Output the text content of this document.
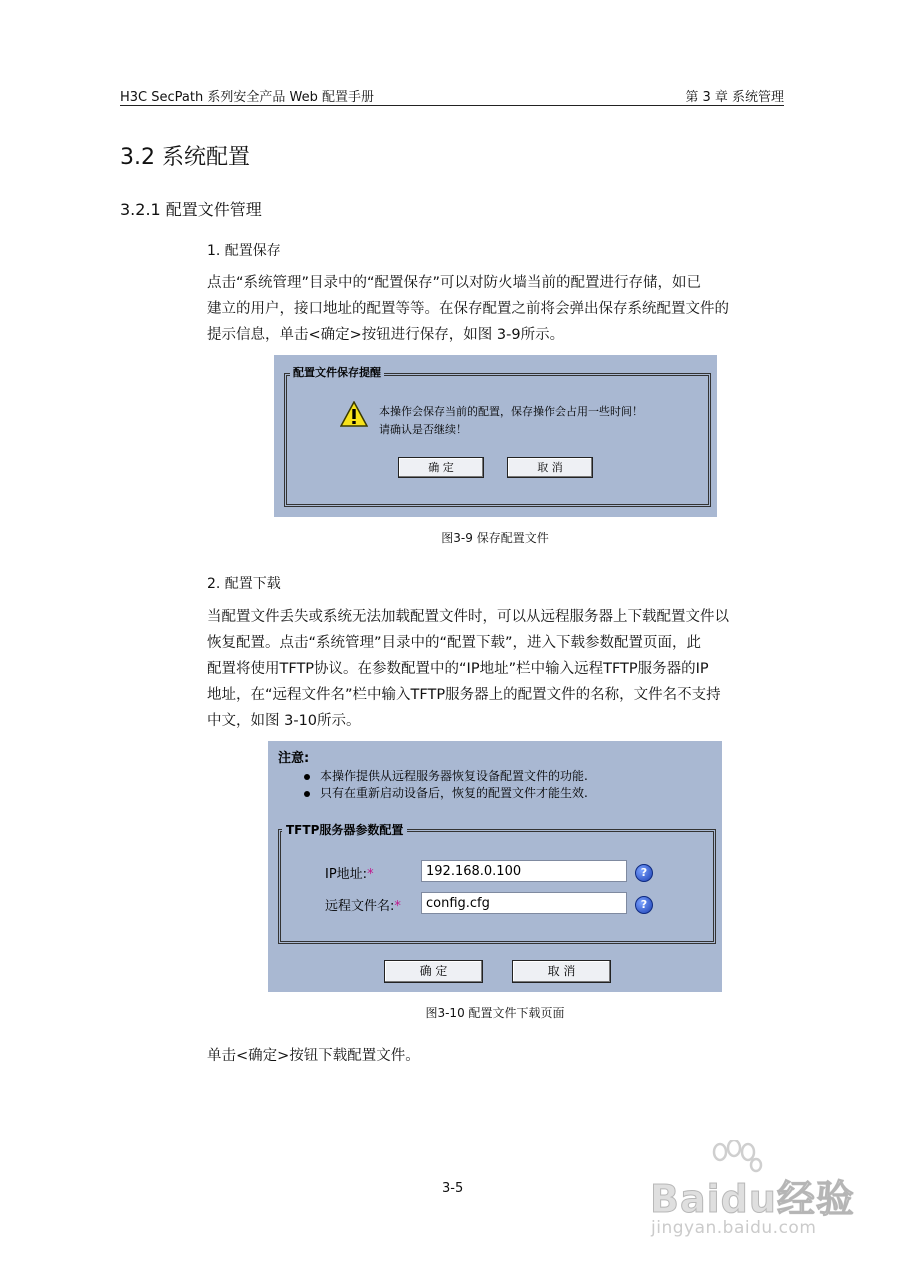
H3C SecPath 系列安全产品 Web 配置手册	第 3 章 系统管理
3.2 系统配置
3.2.1 配置文件管理
1. 配置保存
点击“系统管理”目录中的“配置保存”可以对防火墙当前的配置进行存储，如已
建立的用户，接口地址的配置等等。在保存配置之前将会弹出保存系统配置文件的
提示信息，单击<确定>按钮进行保存，如图 3-9所示。
配置文件保存提醒
本操作会保存当前的配置，保存操作会占用一些时间！
请确认是否继续！
确 定	取 消
图3-9 保存配置文件
2. 配置下载
当配置文件丢失或系统无法加载配置文件时，可以从远程服务器上下载配置文件以
恢复配置。点击“系统管理”目录中的“配置下载”，进入下载参数配置页面，此
配置将使用TFTP协议。在参数配置中的“IP地址”栏中输入远程TFTP服务器的IP
地址，在“远程文件名”栏中输入TFTP服务器上的配置文件的名称，文件名不支持
中文，如图 3-10所示。
注意:
本操作提供从远程服务器恢复设备配置文件的功能.
只有在重新启动设备后，恢复的配置文件才能生效.
TFTP服务器参数配置
IP地址:*
192.168.0.100	?
远程文件名:*
config.cfg	?
确 定	取 消
图3-10 配置文件下载页面
单击<确定>按钮下载配置文件。
3-5	Baidu经验
jingyan.baidu.com
